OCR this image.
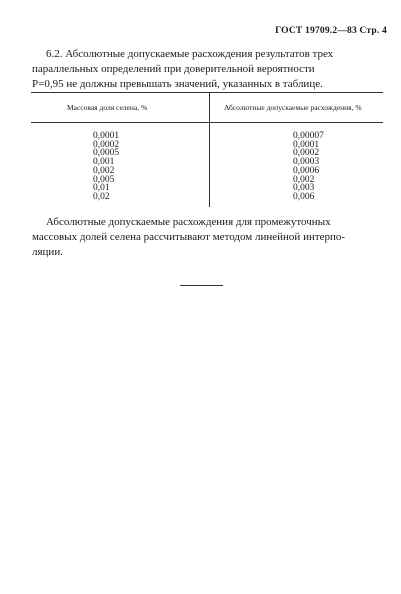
ГОСТ 19709.2—83 Стр. 4
6.2. Абсолютные допускаемые расхождения результатов трех
параллельных определений при доверительной вероятности
P=0,95 не должны превышать значений, указанных в таблице.
Массовая доля селена, %	Абсолютные допускаемые расхождения, %
0,0001
0,0002
0,0005
0,001
0,002
0,005
0,01
0,02
0,00007
0,0001
0,0002
0,0003
0,0006
0,002
0,003
0,006
Абсолютные допускаемые расхождения для промежуточных
массовых долей селена рассчитывают методом линейной интерпо-
ляции.
